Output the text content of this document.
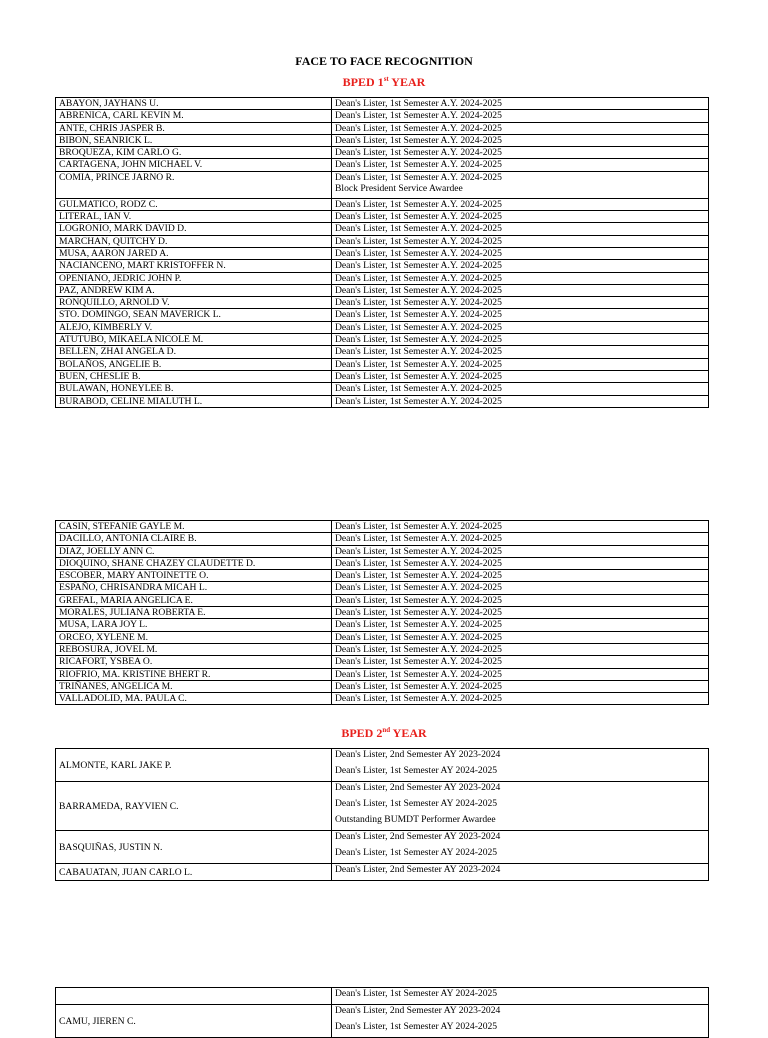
FACE TO FACE RECOGNITION
BPED 1st YEAR
ABAYON, JAYHANS U.	Dean's Lister, 1st Semester A.Y. 2024-2025

ABRENICA, CARL KEVIN M.	Dean's Lister, 1st Semester A.Y. 2024-2025

ANTE, CHRIS JASPER B.	Dean's Lister, 1st Semester A.Y. 2024-2025

BIBON, SEANRICK L.	Dean's Lister, 1st Semester A.Y. 2024-2025

BROQUEZA, KIM CARLO G.	Dean's Lister, 1st Semester A.Y. 2024-2025

CARTAGENA, JOHN MICHAEL V.	Dean's Lister, 1st Semester A.Y. 2024-2025

COMIA, PRINCE JARNO R.	Dean's Lister, 1st Semester A.Y. 2024-2025
Block President Service Awardee

GULMATICO, RODZ C.	Dean's Lister, 1st Semester A.Y. 2024-2025

LITERAL, IAN V.	Dean's Lister, 1st Semester A.Y. 2024-2025

LOGRONIO, MARK DAVID D.	Dean's Lister, 1st Semester A.Y. 2024-2025

MARCHAN, QUITCHY D.	Dean's Lister, 1st Semester A.Y. 2024-2025

MUSA, AARON JARED A.	Dean's Lister, 1st Semester A.Y. 2024-2025

NACIANCENO, MART KRISTOFFER N.	Dean's Lister, 1st Semester A.Y. 2024-2025

OPENIANO, JEDRIC JOHN P.	Dean's Lister, 1st Semester A.Y. 2024-2025

PAZ, ANDREW KIM A.	Dean's Lister, 1st Semester A.Y. 2024-2025

RONQUILLO, ARNOLD V.	Dean's Lister, 1st Semester A.Y. 2024-2025

STO. DOMINGO, SEAN MAVERICK L.	Dean's Lister, 1st Semester A.Y. 2024-2025

ALEJO, KIMBERLY V.	Dean's Lister, 1st Semester A.Y. 2024-2025

ATUTUBO, MIKAELA NICOLE M.	Dean's Lister, 1st Semester A.Y. 2024-2025

BELLEN, ZHAI ANGELA D.	Dean's Lister, 1st Semester A.Y. 2024-2025

BOLAÑOS, ANGELIE B.	Dean's Lister, 1st Semester A.Y. 2024-2025

BUEN, CHESLIE B.	Dean's Lister, 1st Semester A.Y. 2024-2025

BULAWAN, HONEYLEE B.	Dean's Lister, 1st Semester A.Y. 2024-2025

BURABOD, CELINE MIALUTH L.	Dean's Lister, 1st Semester A.Y. 2024-2025
CASIN, STEFANIE GAYLE M.	Dean's Lister, 1st Semester A.Y. 2024-2025

DACILLO, ANTONIA CLAIRE B.	Dean's Lister, 1st Semester A.Y. 2024-2025

DIAZ, JOELLY ANN C.	Dean's Lister, 1st Semester A.Y. 2024-2025

DIOQUINO, SHANE CHAZEY CLAUDETTE D.	Dean's Lister, 1st Semester A.Y. 2024-2025

ESCOBER, MARY ANTOINETTE O.	Dean's Lister, 1st Semester A.Y. 2024-2025

ESPAÑO, CHRISANDRA MICAH L.	Dean's Lister, 1st Semester A.Y. 2024-2025

GREFAL, MARIA ANGELICA E.	Dean's Lister, 1st Semester A.Y. 2024-2025

MORALES, JULIANA ROBERTA E.	Dean's Lister, 1st Semester A.Y. 2024-2025

MUSA, LARA JOY L.	Dean's Lister, 1st Semester A.Y. 2024-2025

ORCEO, XYLENE M.	Dean's Lister, 1st Semester A.Y. 2024-2025

REBOSURA, JOVEL M.	Dean's Lister, 1st Semester A.Y. 2024-2025

RICAFORT, YSBEA O.	Dean's Lister, 1st Semester A.Y. 2024-2025

RIOFRIO, MA. KRISTINE BHERT R.	Dean's Lister, 1st Semester A.Y. 2024-2025

TRIÑANES, ANGELICA M.	Dean's Lister, 1st Semester A.Y. 2024-2025

VALLADOLID, MA. PAULA C.	Dean's Lister, 1st Semester A.Y. 2024-2025
BPED 2nd YEAR
ALMONTE, KARL JAKE P.	Dean's Lister, 2nd Semester AY 2023-2024
Dean's Lister, 1st Semester AY 2024-2025

BARRAMEDA, RAYVIEN C.	Dean's Lister, 2nd Semester AY 2023-2024
Dean's Lister, 1st Semester AY 2024-2025
Outstanding BUMDT Performer Awardee

BASQUIÑAS, JUSTIN N.	Dean's Lister, 2nd Semester AY 2023-2024
Dean's Lister, 1st Semester AY 2024-2025

CABAUATAN, JUAN CARLO L.	Dean's Lister, 2nd Semester AY 2023-2024

	Dean's Lister, 1st Semester AY 2024-2025

CAMU, JIEREN C.	Dean's Lister, 2nd Semester AY 2023-2024
Dean's Lister, 1st Semester AY 2024-2025
